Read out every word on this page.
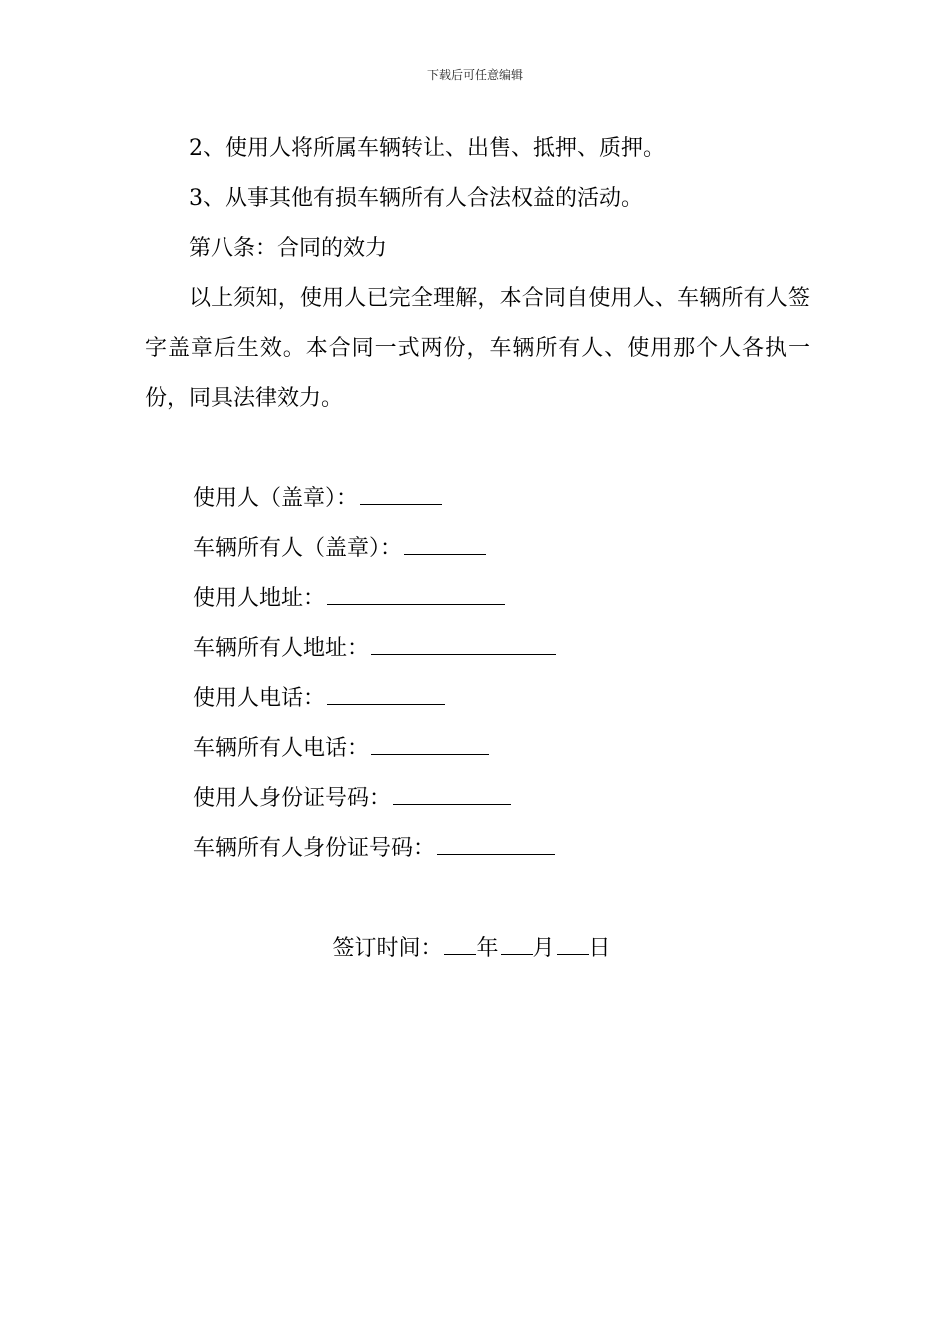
下载后可任意编辑

2、使用人将所属车辆转让、出售、抵押、质押。

3、从事其他有损车辆所有人合法权益的活动。

第八条：合同的效力

以上须知，使用人已完全理解，本合同自使用人、车辆所有人签字盖章后生效。本合同一式两份，车辆所有人、使用那个人各执一份，同具法律效力。

使用人（盖章）：

车辆所有人（盖章）：

使用人地址：

车辆所有人地址：

使用人电话：

车辆所有人电话：

使用人身份证号码：

车辆所有人身份证号码：

签订时间： 年 月 日
